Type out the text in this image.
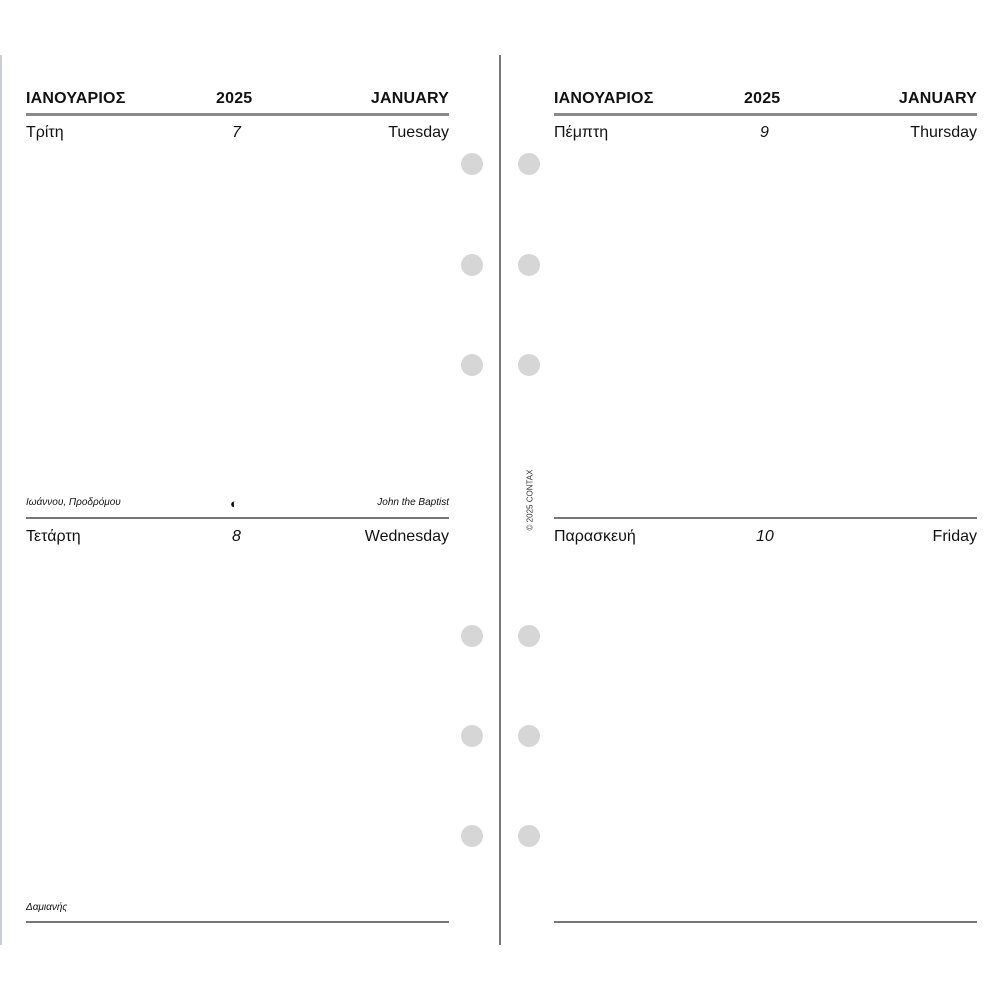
ΙΑΝΟΥΑΡΙΟΣ	2025	JANUARY
Τρίτη	7	Tuesday
Ιωάννου, Προδρόμου	◐	John the Baptist
Τετάρτη	8	Wednesday
Δαμιανής
© 2025 CONTAX
ΙΑΝΟΥΑΡΙΟΣ	2025	JANUARY
Πέμπτη	9	Thursday
Παρασκευή	10	Friday
